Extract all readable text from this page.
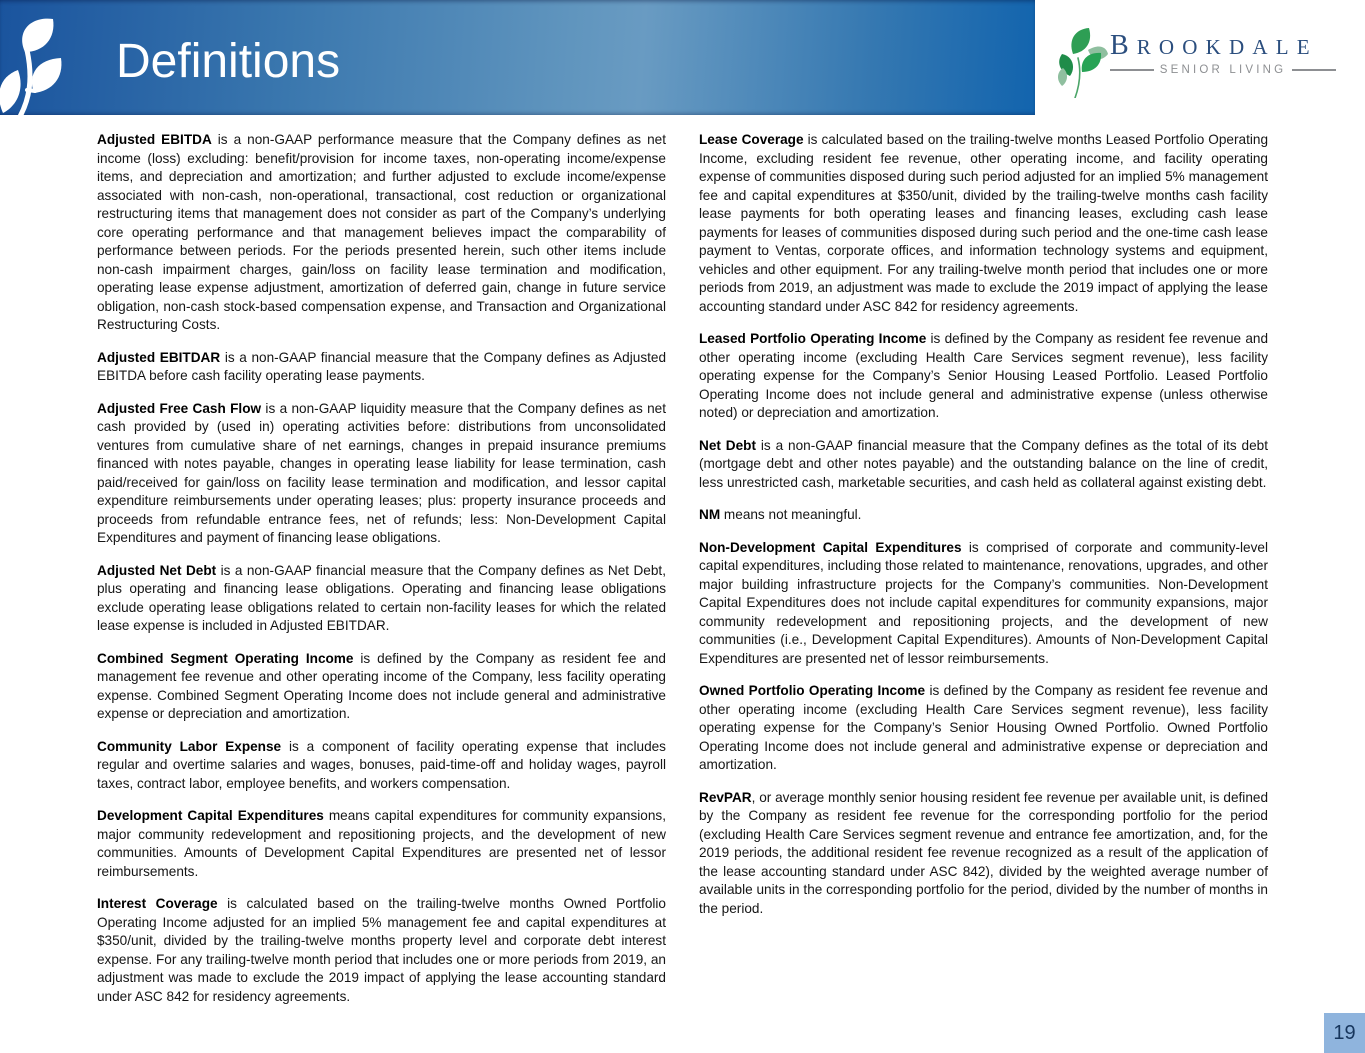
Definitions	BROOKDALE
SENIOR LIVING

Adjusted EBITDA is a non-GAAP performance measure that the Company defines as net income (loss) excluding: benefit/provision for income taxes, non-operating income/expense items, and depreciation and amortization; and further adjusted to exclude income/expense associated with non-cash, non-operational, transactional, cost reduction or organizational restructuring items that management does not consider as part of the Company’s underlying core operating performance and that management believes impact the comparability of performance between periods. For the periods presented herein, such other items include non-cash impairment charges, gain/loss on facility lease termination and modification, operating lease expense adjustment, amortization of deferred gain, change in future service obligation, non-cash stock-based compensation expense, and Transaction and Organizational Restructuring Costs.

Adjusted EBITDAR is a non-GAAP financial measure that the Company defines as Adjusted EBITDA before cash facility operating lease payments.

Adjusted Free Cash Flow is a non-GAAP liquidity measure that the Company defines as net cash provided by (used in) operating activities before: distributions from unconsolidated ventures from cumulative share of net earnings, changes in prepaid insurance premiums financed with notes payable, changes in operating lease liability for lease termination, cash paid/received for gain/loss on facility lease termination and modification, and lessor capital expenditure reimbursements under operating leases; plus: property insurance proceeds and proceeds from refundable entrance fees, net of refunds; less: Non-Development Capital Expenditures and payment of financing lease obligations.

Adjusted Net Debt is a non-GAAP financial measure that the Company defines as Net Debt, plus operating and financing lease obligations. Operating and financing lease obligations exclude operating lease obligations related to certain non-facility leases for which the related lease expense is included in Adjusted EBITDAR.

Combined Segment Operating Income is defined by the Company as resident fee and management fee revenue and other operating income of the Company, less facility operating expense. Combined Segment Operating Income does not include general and administrative expense or depreciation and amortization.

Community Labor Expense is a component of facility operating expense that includes regular and overtime salaries and wages, bonuses, paid-time-off and holiday wages, payroll taxes, contract labor, employee benefits, and workers compensation.

Development Capital Expenditures means capital expenditures for community expansions, major community redevelopment and repositioning projects, and the development of new communities. Amounts of Development Capital Expenditures are presented net of lessor reimbursements.

Interest Coverage is calculated based on the trailing-twelve months Owned Portfolio Operating Income adjusted for an implied 5% management fee and capital expenditures at $350/unit, divided by the trailing-twelve months property level and corporate debt interest expense. For any trailing-twelve month period that includes one or more periods from 2019, an adjustment was made to exclude the 2019 impact of applying the lease accounting standard under ASC 842 for residency agreements.

Lease Coverage is calculated based on the trailing-twelve months Leased Portfolio Operating Income, excluding resident fee revenue, other operating income, and facility operating expense of communities disposed during such period adjusted for an implied 5% management fee and capital expenditures at $350/unit, divided by the trailing-twelve months cash facility lease payments for both operating leases and financing leases, excluding cash lease payments for leases of communities disposed during such period and the one-time cash lease payment to Ventas, corporate offices, and information technology systems and equipment, vehicles and other equipment. For any trailing-twelve month period that includes one or more periods from 2019, an adjustment was made to exclude the 2019 impact of applying the lease accounting standard under ASC 842 for residency agreements.

Leased Portfolio Operating Income is defined by the Company as resident fee revenue and other operating income (excluding Health Care Services segment revenue), less facility operating expense for the Company’s Senior Housing Leased Portfolio. Leased Portfolio Operating Income does not include general and administrative expense (unless otherwise noted) or depreciation and amortization.

Net Debt is a non-GAAP financial measure that the Company defines as the total of its debt (mortgage debt and other notes payable) and the outstanding balance on the line of credit, less unrestricted cash, marketable securities, and cash held as collateral against existing debt.

NM means not meaningful.

Non-Development Capital Expenditures is comprised of corporate and community-level capital expenditures, including those related to maintenance, renovations, upgrades, and other major building infrastructure projects for the Company’s communities. Non-Development Capital Expenditures does not include capital expenditures for community expansions, major community redevelopment and repositioning projects, and the development of new communities (i.e., Development Capital Expenditures). Amounts of Non-Development Capital Expenditures are presented net of lessor reimbursements.

Owned Portfolio Operating Income is defined by the Company as resident fee revenue and other operating income (excluding Health Care Services segment revenue), less facility operating expense for the Company’s Senior Housing Owned Portfolio. Owned Portfolio Operating Income does not include general and administrative expense or depreciation and amortization.

RevPAR, or average monthly senior housing resident fee revenue per available unit, is defined by the Company as resident fee revenue for the corresponding portfolio for the period (excluding Health Care Services segment revenue and entrance fee amortization, and, for the 2019 periods, the additional resident fee revenue recognized as a result of the application of the lease accounting standard under ASC 842), divided by the weighted average number of available units in the corresponding portfolio for the period, divided by the number of months in the period.

19
